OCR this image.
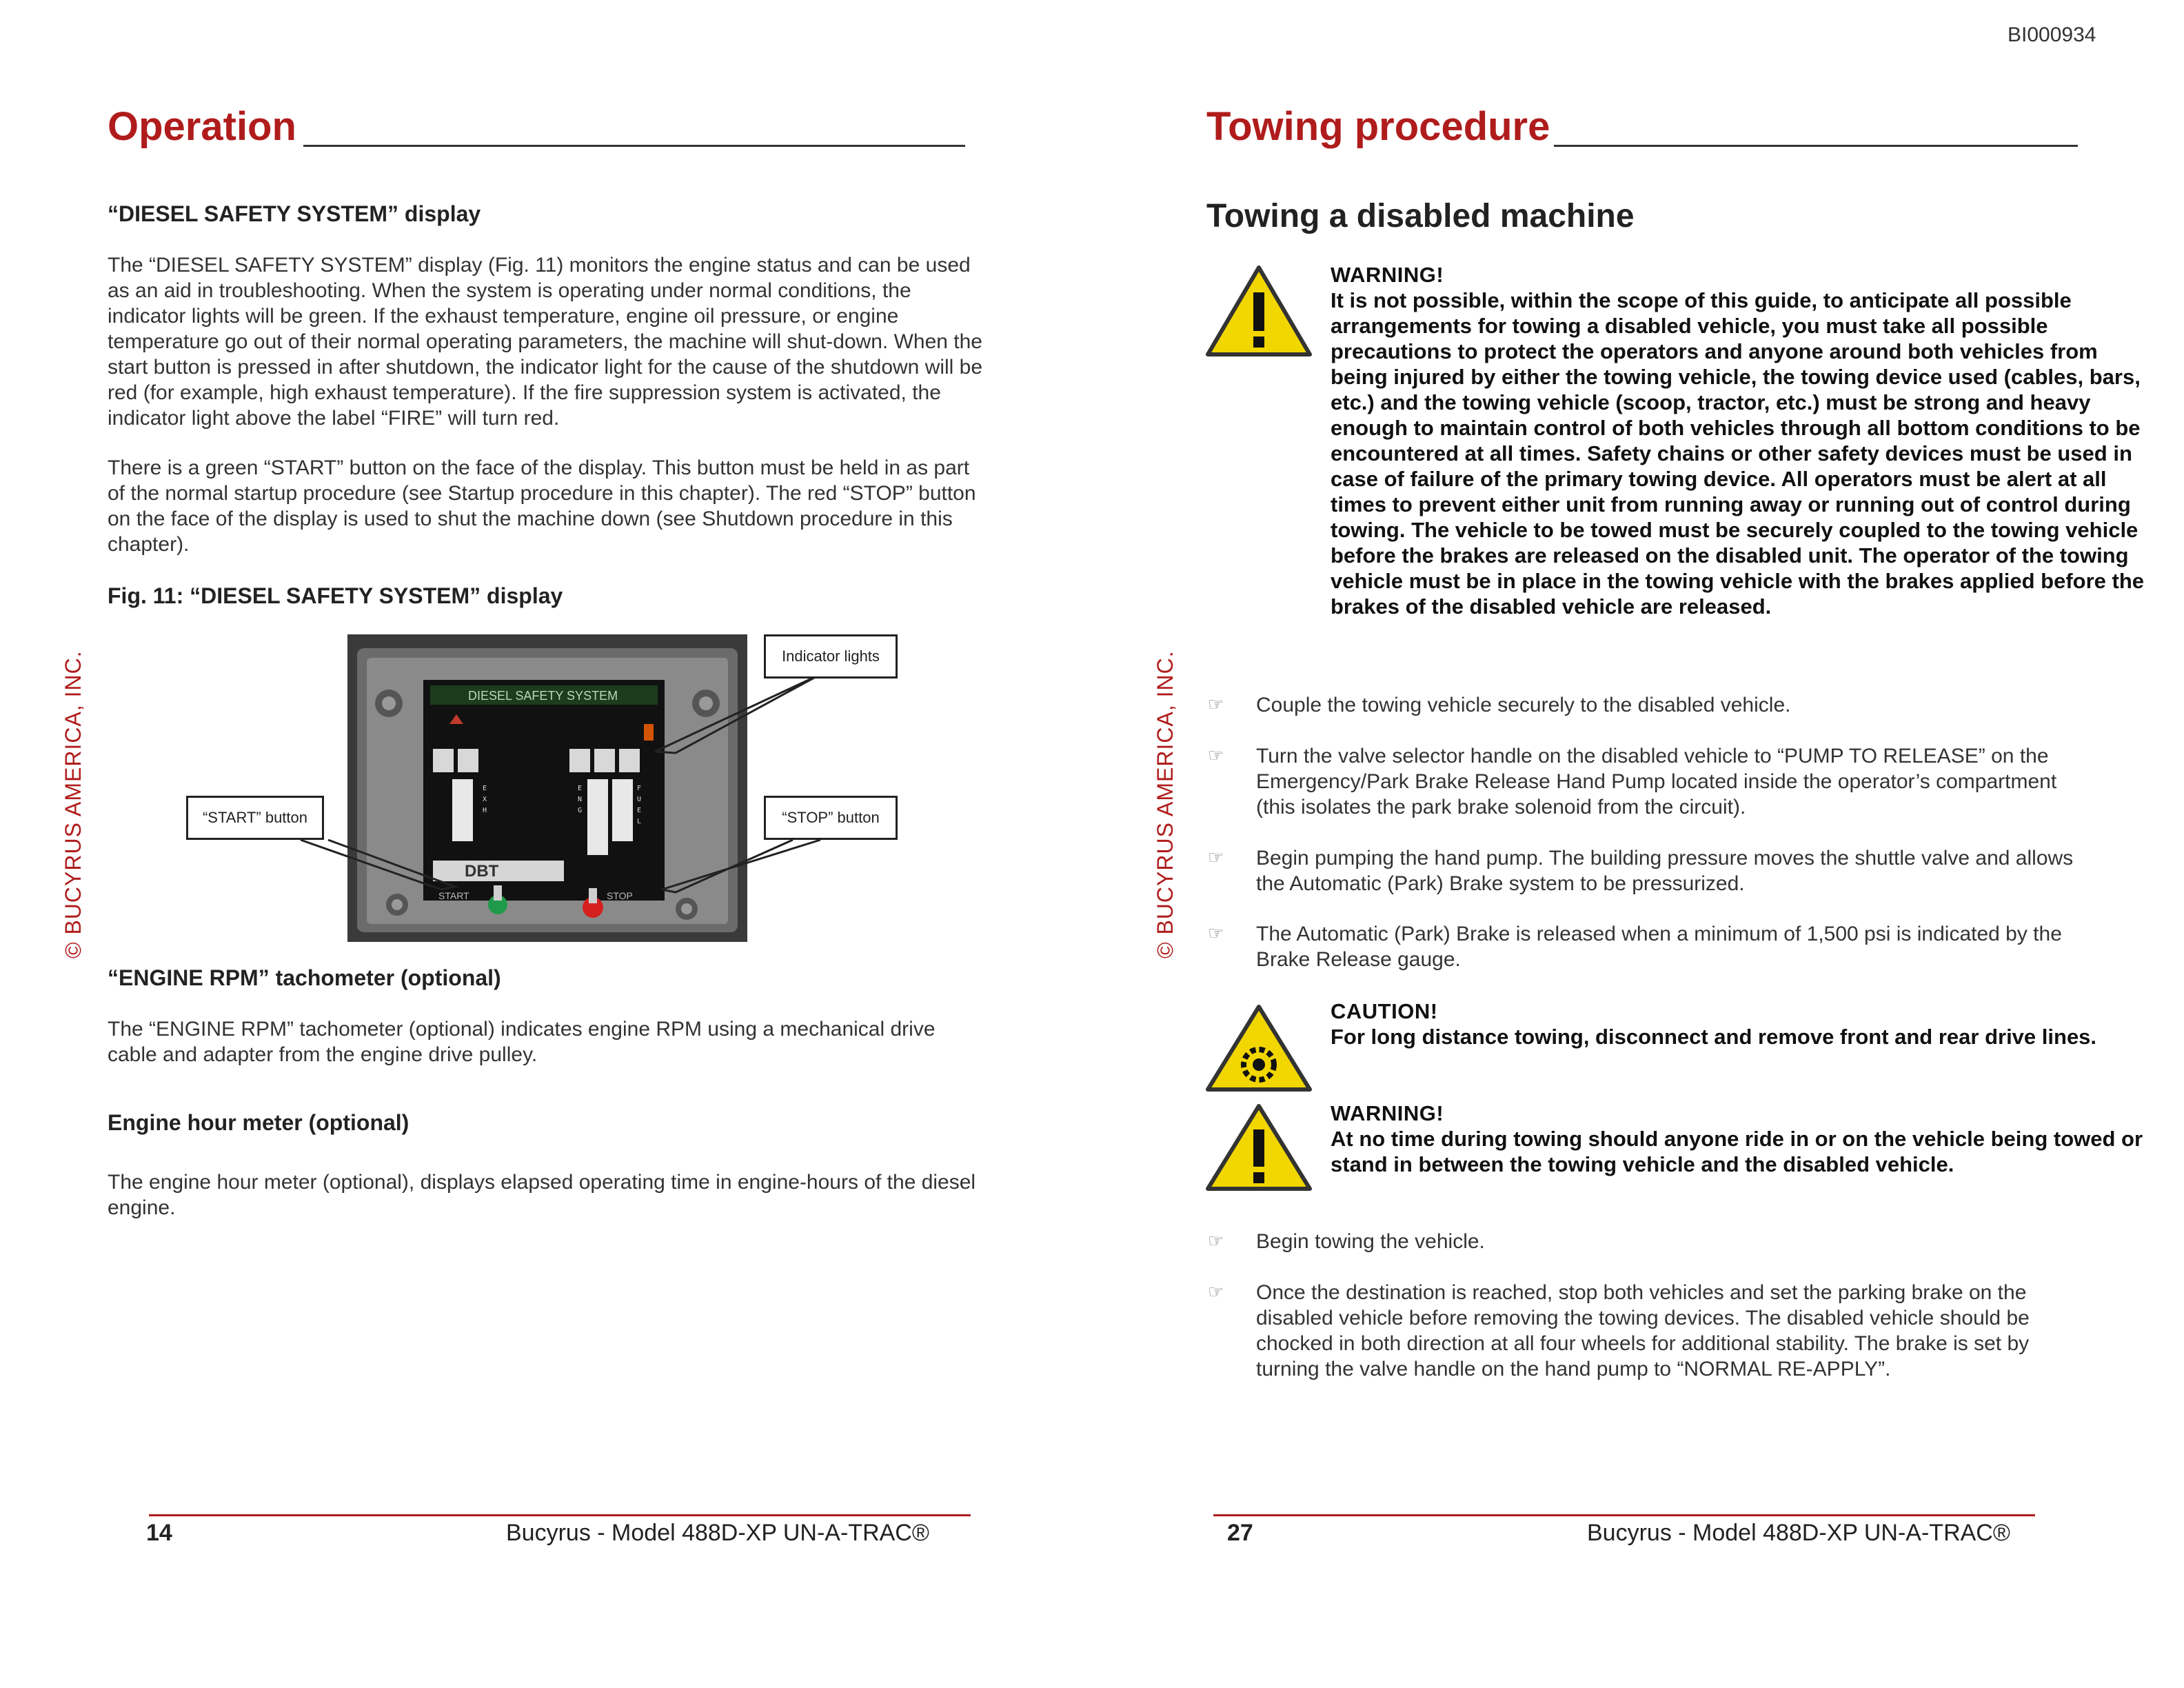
BI000934
Operation
© BUCYRUS AMERICA, INC.
“DIESEL SAFETY SYSTEM” display
The “DIESEL SAFETY SYSTEM” display (Fig. 11) monitors the engine status and can be used as an aid in troubleshooting. When the system is operating under normal conditions, the indicator lights will be green. If the exhaust temperature, engine oil pressure, or engine temperature go out of their normal operating parameters, the machine will shut-down. When the start button is pressed in after shutdown, the indicator light for the cause of the shutdown will be red (for example, high exhaust temperature). If the fire suppression system is activated, the indicator light above the label “FIRE” will turn red.
There is a green “START” button on the face of the display. This button must be held in as part of the normal startup procedure (see Startup procedure in this chapter). The red “STOP” button on the face of the display is used to shut the machine down (see Shutdown procedure in this chapter).
Fig. 11: “DIESEL SAFETY SYSTEM” display
DIESEL SAFETY SYSTEM
E
X
H
E
N
G
F
U
E
L
DBT
START	STOP
Indicator lights
“START” button	“STOP” button
“ENGINE RPM” tachometer (optional)
The “ENGINE RPM” tachometer (optional) indicates engine RPM using a mechanical drive cable and adapter from the engine drive pulley.
Engine hour meter (optional)
The engine hour meter (optional), displays elapsed operating time in engine-hours of the diesel engine.
14	Bucyrus - Model 488D-XP UN-A-TRAC®
Towing procedure
© BUCYRUS AMERICA, INC.
Towing a disabled machine
WARNING!
It is not possible, within the scope of this guide, to anticipate all possible arrangements for towing a disabled vehicle, you must take all possible precautions to protect the operators and anyone around both vehicles from being injured by either the towing vehicle, the towing device used (cables, bars, etc.) and the towing vehicle (scoop, tractor, etc.) must be strong and heavy enough to maintain control of both vehicles through all bottom conditions to be encountered at all times. Safety chains or other safety devices must be used in case of failure of the primary towing device. All operators must be alert at all times to prevent either unit from running away or running out of control during towing. The vehicle to be towed must be securely coupled to the towing vehicle before the brakes are released on the disabled unit. The operator of the towing vehicle must be in place in the towing vehicle with the brakes applied before the brakes of the disabled vehicle are released.
☞ Couple the towing vehicle securely to the disabled vehicle.
☞ Turn the valve selector handle on the disabled vehicle to “PUMP TO RELEASE” on the Emergency/Park Brake Release Hand Pump located inside the operator’s compartment (this isolates the park brake solenoid from the circuit).
☞ Begin pumping the hand pump. The building pressure moves the shuttle valve and allows the Automatic (Park) Brake system to be pressurized.
☞ The Automatic (Park) Brake is released when a minimum of 1,500 psi is indicated by the Brake Release gauge.
CAUTION!
For long distance towing, disconnect and remove front and rear drive lines.
WARNING!
At no time during towing should anyone ride in or on the vehicle being towed or stand in between the towing vehicle and the disabled vehicle.
☞ Begin towing the vehicle.
☞ Once the destination is reached, stop both vehicles and set the parking brake on the disabled vehicle before removing the towing devices. The disabled vehicle should be chocked in both direction at all four wheels for additional stability. The brake is set by turning the valve handle on the hand pump to “NORMAL RE-APPLY”.
27	Bucyrus - Model 488D-XP UN-A-TRAC®
